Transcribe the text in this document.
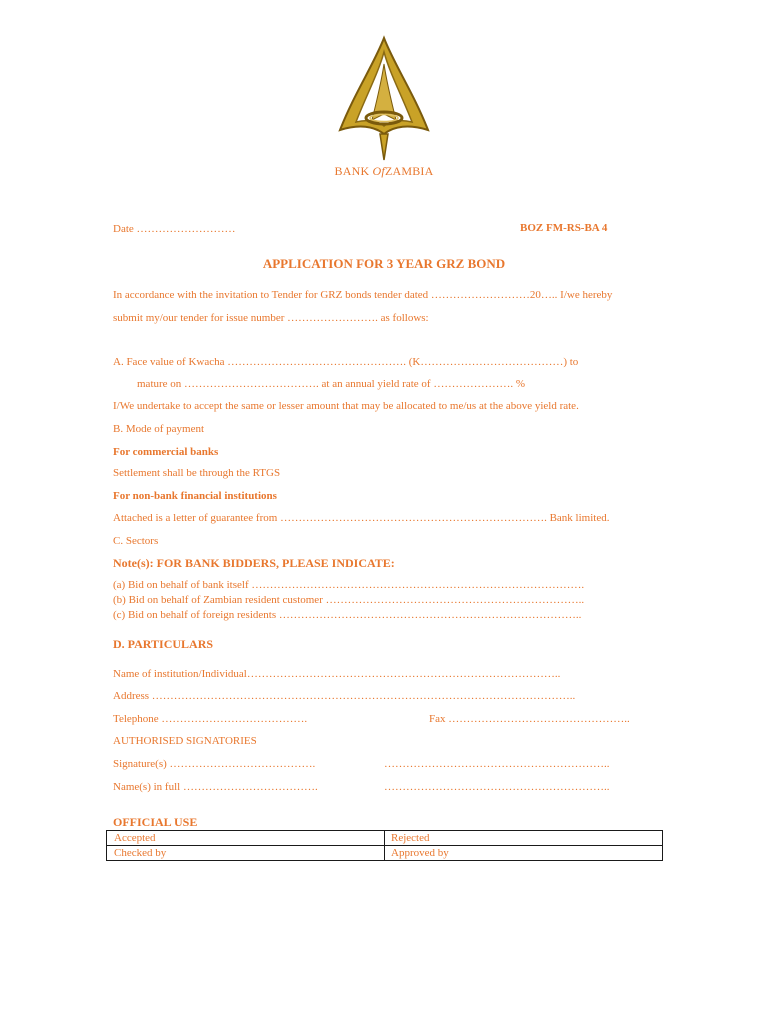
BANK OfZAMBIA
Date ………………………	BOZ FM-RS-BA 4
APPLICATION FOR 3 YEAR GRZ BOND
In accordance with the invitation to Tender for GRZ bonds tender dated ………………………20….. I/we hereby
submit my/our tender for issue number ……………………. as follows:
A. Face value of Kwacha …………………………………………. (K…………………………………) to
mature on ………………………………. at an annual yield rate of …………………. %
I/We undertake to accept the same or lesser amount that may be allocated to me/us at the above yield rate.
B. Mode of payment
For commercial banks
Settlement shall be through the RTGS
For non-bank financial institutions
Attached is a letter of guarantee from ………………………………………………………………. Bank limited.
C. Sectors
Note(s): FOR BANK BIDDERS, PLEASE INDICATE:
(a) Bid on behalf of bank itself ……………………………………………………………………………….
(b) Bid on behalf of Zambian resident customer ……………………………………………………………..
(c) Bid on behalf of foreign residents ………………………………………………………………………..
D. PARTICULARS
Name of institution/Individual…………………………………………………………………………..
Address ……………………………………………………………………………………………………..
Telephone ………………………………….	Fax …………………………………………..
AUTHORISED SIGNATORIES
Signature(s) ………………………………….	……………………………………………………..
Name(s) in full ……………………………….	……………………………………………………..
OFFICIAL USE
Accepted	Rejected
Checked by	Approved by
